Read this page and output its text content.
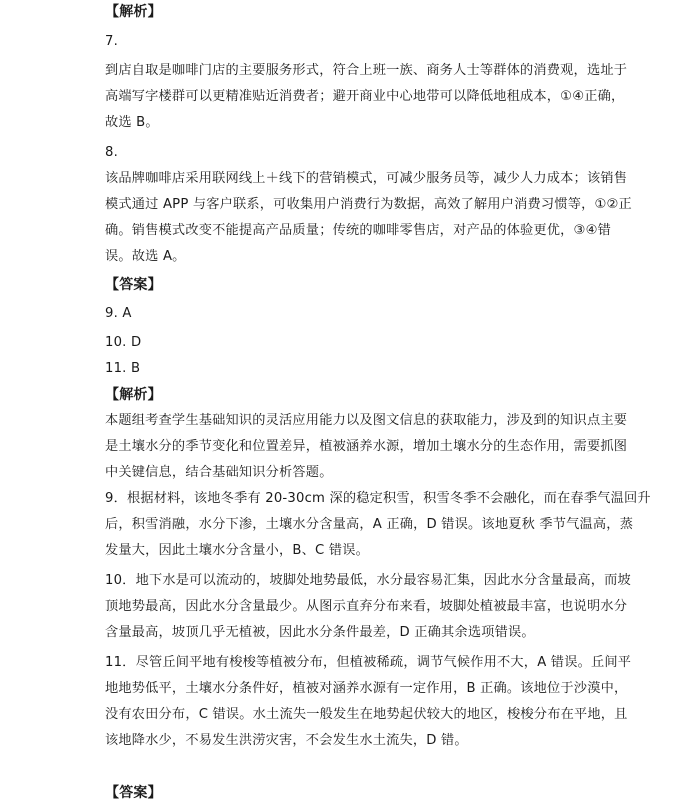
【解析】
7.
到店自取是咖啡门店的主要服务形式，符合上班一族、商务人士等群体的消费观，选址于
高端写字楼群可以更精准贴近消费者；避开商业中心地带可以降低地租成本，①④正确，
故选 B。
8.
该品牌咖啡店采用联网线上＋线下的营销模式，可减少服务员等，减少人力成本；该销售
模式通过 APP 与客户联系，可收集用户消费行为数据，高效了解用户消费习惯等，①②正
确。销售模式改变不能提高产品质量；传统的咖啡零售店，对产品的体验更优，③④错
误。故选 A。
【答案】
9. A
10. D
11. B
【解析】
本题组考查学生基础知识的灵活应用能力以及图文信息的获取能力，涉及到的知识点主要
是土壤水分的季节变化和位置差异，植被涵养水源，增加土壤水分的生态作用，需要抓图
中关键信息，结合基础知识分析答题。
9．根据材料，该地冬季有 20-30cm 深的稳定积雪，积雪冬季不会融化，而在春季气温回升
后，积雪消融，水分下渗，土壤水分含量高，A 正确，D 错误。该地夏秋 季节气温高，蒸
发量大，因此土壤水分含量小，B、C 错误。
10．地下水是可以流动的，坡脚处地势最低，水分最容易汇集，因此水分含量最高，而坡
顶地势最高，因此水分含量最少。从图示直弃分布来看，坡脚处植被最丰富，也说明水分
含量最高，坡顶几乎无植被，因此水分条件最差，D 正确其余选项错误。
11．尽管丘间平地有梭梭等植被分布，但植被稀疏，调节气候作用不大，A 错误。丘间平
地地势低平，土壤水分条件好，植被对涵养水源有一定作用，B 正确。该地位于沙漠中，
没有农田分布，C 错误。水土流失一般发生在地势起伏较大的地区，梭梭分布在平地，且
该地降水少，不易发生洪涝灾害，不会发生水土流失，D 错。
【答案】
